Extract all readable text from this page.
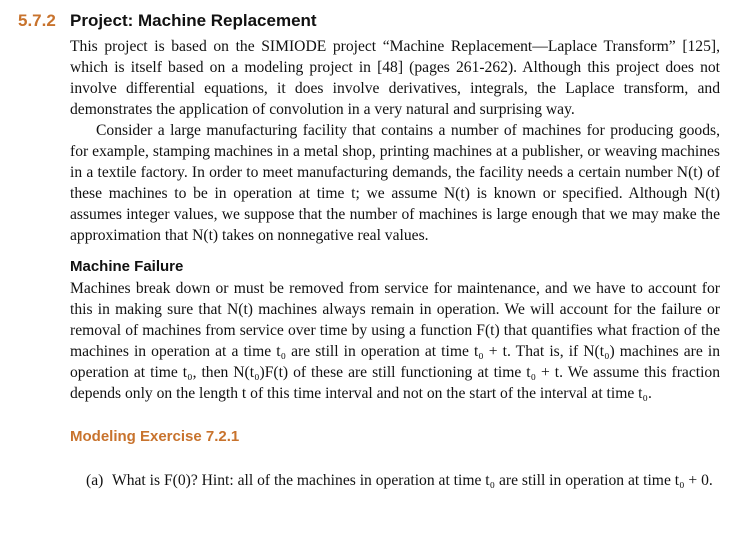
5.7.2 Project: Machine Replacement

This project is based on the SIMIODE project “Machine Replacement—Laplace Transform” [125], which is itself based on a modeling project in [48] (pages 261-262). Although this project does not involve differential equations, it does involve derivatives, integrals, the Laplace transform, and demonstrates the application of convolution in a very natural and surprising way.

Consider a large manufacturing facility that contains a number of machines for producing goods, for example, stamping machines in a metal shop, printing machines at a publisher, or weaving machines in a textile factory. In order to meet manufacturing demands, the facility needs a certain number N(t) of these machines to be in operation at time t; we assume N(t) is known or specified. Although N(t) assumes integer values, we suppose that the number of machines is large enough that we may make the approximation that N(t) takes on nonnegative real values.

Machine Failure

Machines break down or must be removed from service for maintenance, and we have to account for this in making sure that N(t) machines always remain in operation. We will account for the failure or removal of machines from service over time by using a function F(t) that quantifies what fraction of the machines in operation at a time t₀ are still in operation at time t₀ + t. That is, if N(t₀) machines are in operation at time t₀, then N(t₀)F(t) of these are still functioning at time t₀ + t. We assume this fraction depends only on the length t of this time interval and not on the start of the interval at time t₀.

Modeling Exercise 7.2.1
(a) What is F(0)? Hint: all of the machines in operation at time t₀ are still in operation at time t₀ + 0.
